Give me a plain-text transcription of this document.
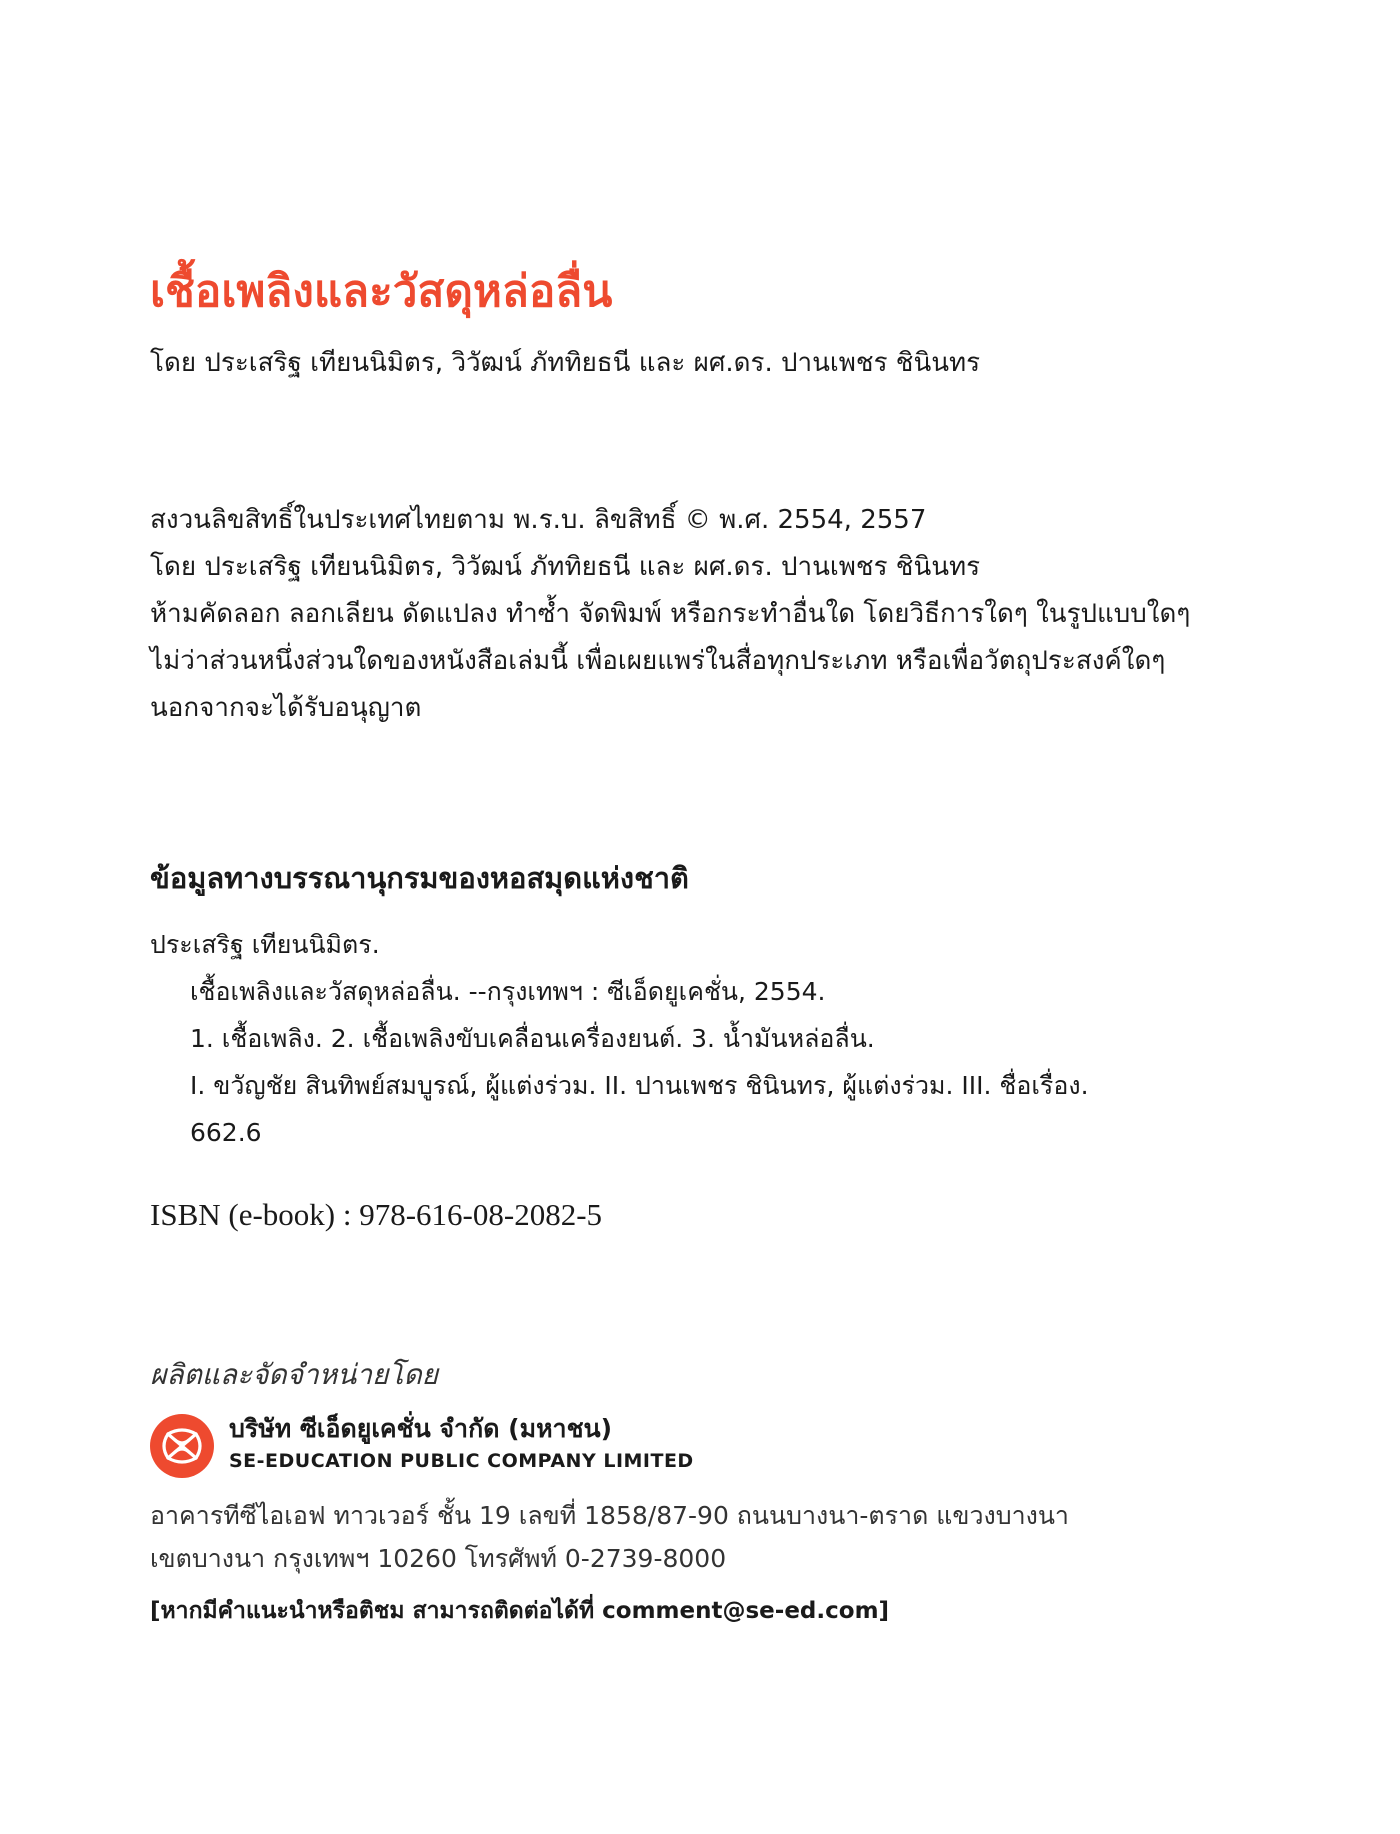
เชื้อเพลิงและวัสดุหล่อลื่น
โดย ประเสริฐ เทียนนิมิตร, วิวัฒน์ ภัททิยธนี และ ผศ.ดร. ปานเพชร ชินินทร
สงวนลิขสิทธิ์ในประเทศไทยตาม พ.ร.บ. ลิขสิทธิ์ © พ.ศ. 2554, 2557
โดย ประเสริฐ เทียนนิมิตร, วิวัฒน์ ภัททิยธนี และ ผศ.ดร. ปานเพชร ชินินทร
ห้ามคัดลอก ลอกเลียน ดัดแปลง ทำซ้ำ จัดพิมพ์ หรือกระทำอื่นใด โดยวิธีการใดๆ ในรูปแบบใดๆ
ไม่ว่าส่วนหนึ่งส่วนใดของหนังสือเล่มนี้ เพื่อเผยแพร่ในสื่อทุกประเภท หรือเพื่อวัตถุประสงค์ใดๆ
นอกจากจะได้รับอนุญาต
ข้อมูลทางบรรณานุกรมของหอสมุดแห่งชาติ
ประเสริฐ เทียนนิมิตร.
เชื้อเพลิงและวัสดุหล่อลื่น. --กรุงเทพฯ : ซีเอ็ดยูเคชั่น, 2554.
1. เชื้อเพลิง. 2. เชื้อเพลิงขับเคลื่อนเครื่องยนต์. 3. น้ำมันหล่อลื่น.
I. ขวัญชัย สินทิพย์สมบูรณ์, ผู้แต่งร่วม. II. ปานเพชร ชินินทร, ผู้แต่งร่วม. III. ชื่อเรื่อง.
662.6
ISBN (e-book) : 978-616-08-2082-5
ผลิตและจัดจำหน่ายโดย
บริษัท ซีเอ็ดยูเคชั่น จำกัด (มหาชน)
SE-EDUCATION PUBLIC COMPANY LIMITED
อาคารทีซีไอเอฟ ทาวเวอร์ ชั้น 19 เลขที่ 1858/87-90 ถนนบางนา-ตราด แขวงบางนา
เขตบางนา กรุงเทพฯ 10260 โทรศัพท์ 0-2739-8000
[หากมีคำแนะนำหรือติชม สามารถติดต่อได้ที่ comment@se-ed.com]
